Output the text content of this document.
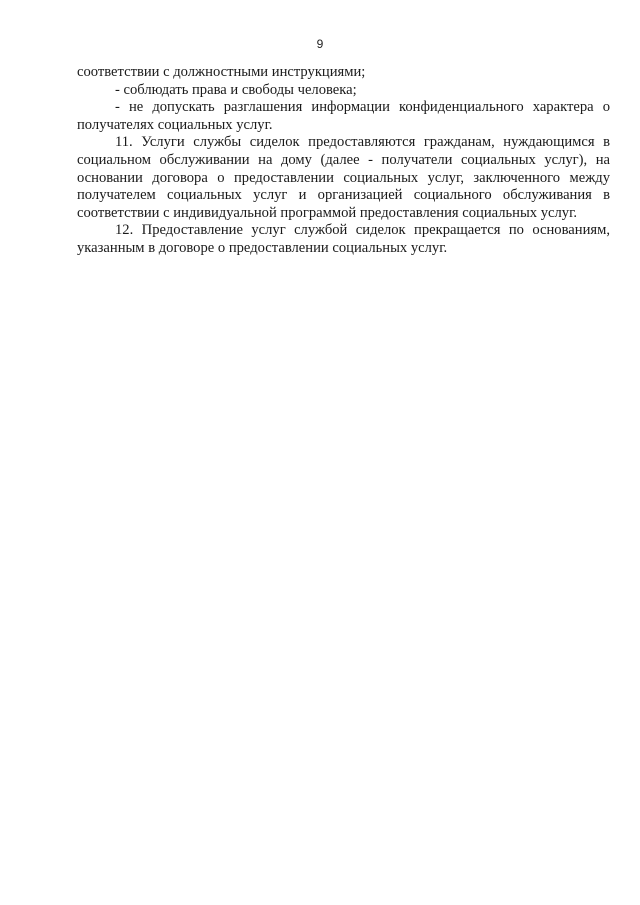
9

соответствии с должностными инструкциями;

- соблюдать права и свободы человека;

- не допускать разглашения информации конфиденциального характера о получателях социальных услуг.

11. Услуги службы сиделок предоставляются гражданам, нуждающимся в социальном обслуживании на дому (далее - получатели социальных услуг), на основании договора о предоставлении социальных услуг, заключенного между получателем социальных услуг и организацией социального обслуживания в соответствии с индивидуальной программой предоставления социальных услуг.

12. Предоставление услуг службой сиделок прекращается по основаниям, указанным в договоре о предоставлении социальных услуг.
